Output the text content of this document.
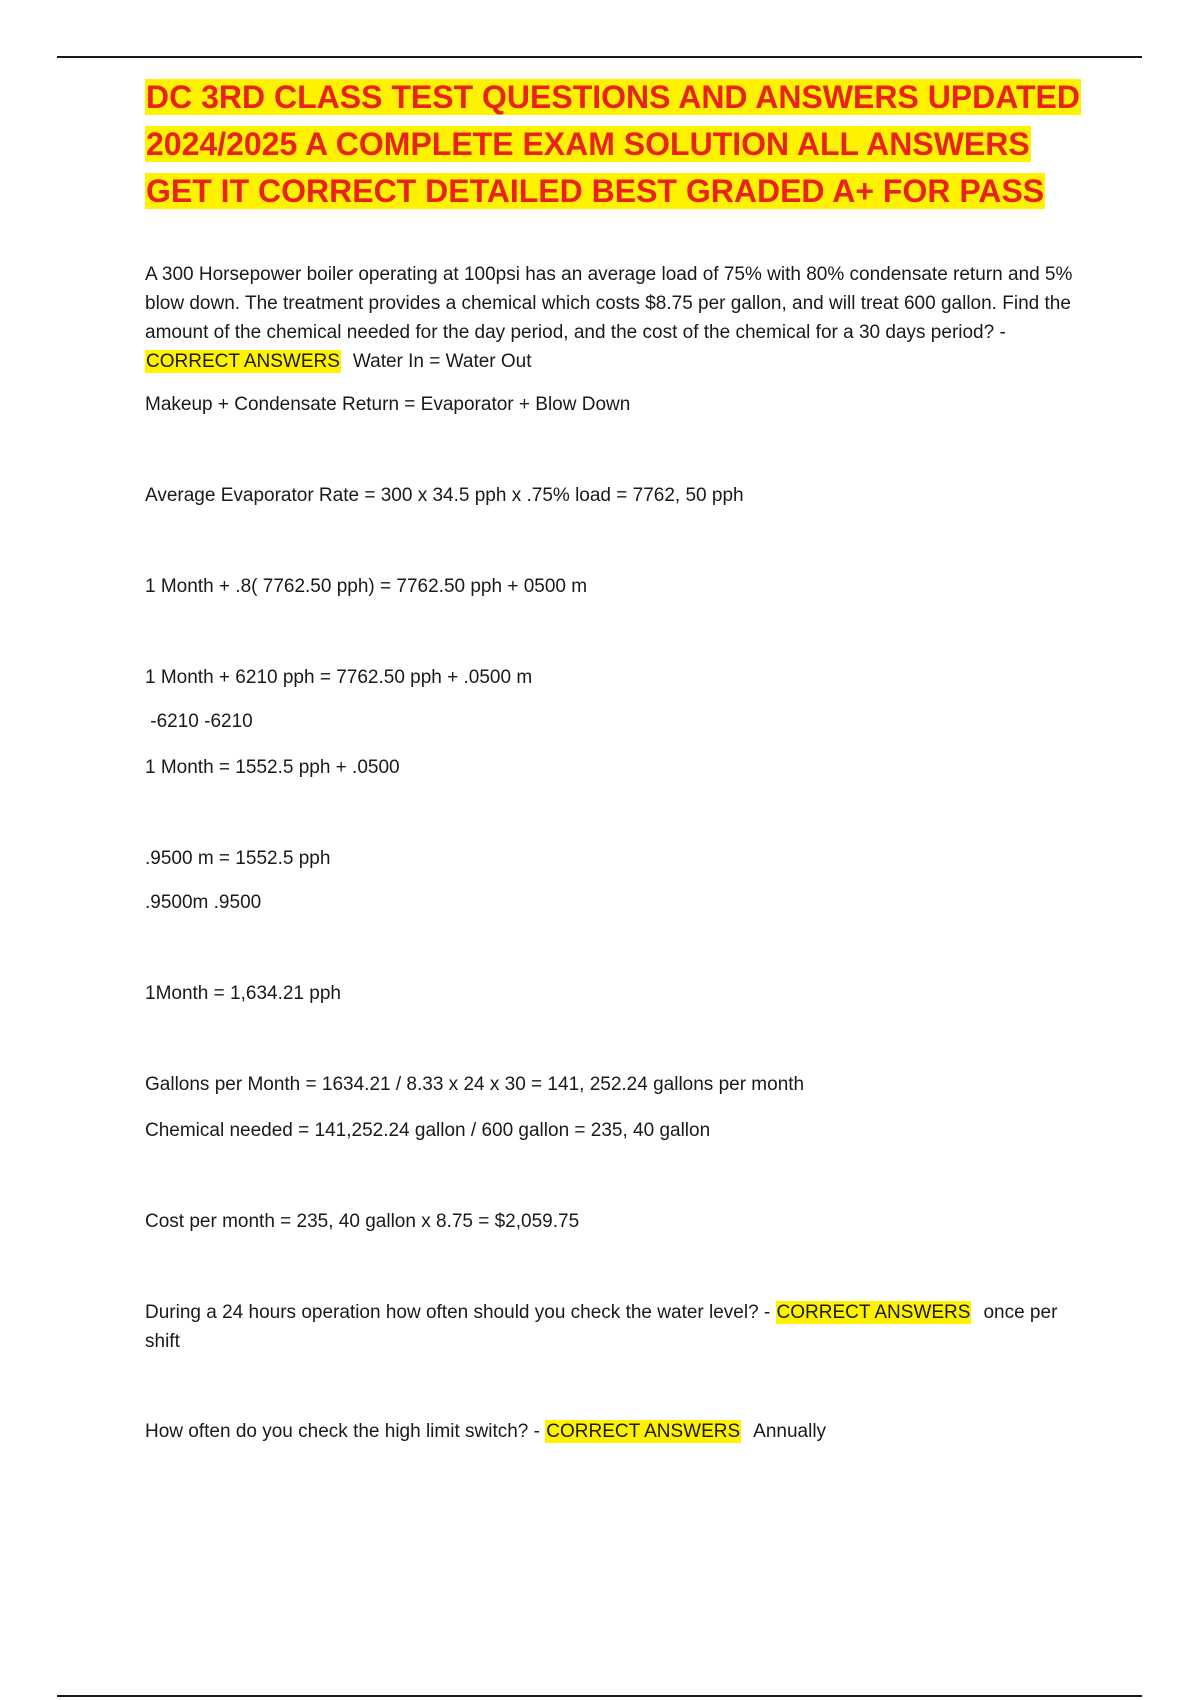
DC 3RD CLASS TEST QUESTIONS AND ANSWERS UPDATED 2024/2025 A COMPLETE EXAM SOLUTION ALL ANSWERS GET IT CORRECT DETAILED BEST GRADED A+ FOR PASS

A 300 Horsepower boiler operating at 100psi has an average load of 75% with 80% condensate return and 5% blow down. The treatment provides a chemical which costs $8.75 per gallon, and will treat 600 gallon. Find the amount of the chemical needed for the day period, and the cost of the chemical for a 30 days period? - CORRECT ANSWERS Water In = Water Out

Makeup + Condensate Return = Evaporator + Blow Down

Average Evaporator Rate = 300 x 34.5 pph x .75% load = 7762, 50 pph

1 Month + .8( 7762.50 pph) = 7762.50 pph + 0500 m

1 Month + 6210 pph = 7762.50 pph + .0500 m

-6210 -6210

1 Month = 1552.5 pph + .0500

.9500 m = 1552.5 pph

.9500m .9500

1Month = 1,634.21 pph

Gallons per Month = 1634.21 / 8.33 x 24 x 30 = 141, 252.24 gallons per month

Chemical needed = 141,252.24 gallon / 600 gallon = 235, 40 gallon

Cost per month = 235, 40 gallon x 8.75 = $2,059.75

During a 24 hours operation how often should you check the water level? - CORRECT ANSWERS once per shift

How often do you check the high limit switch? - CORRECT ANSWERS Annually
